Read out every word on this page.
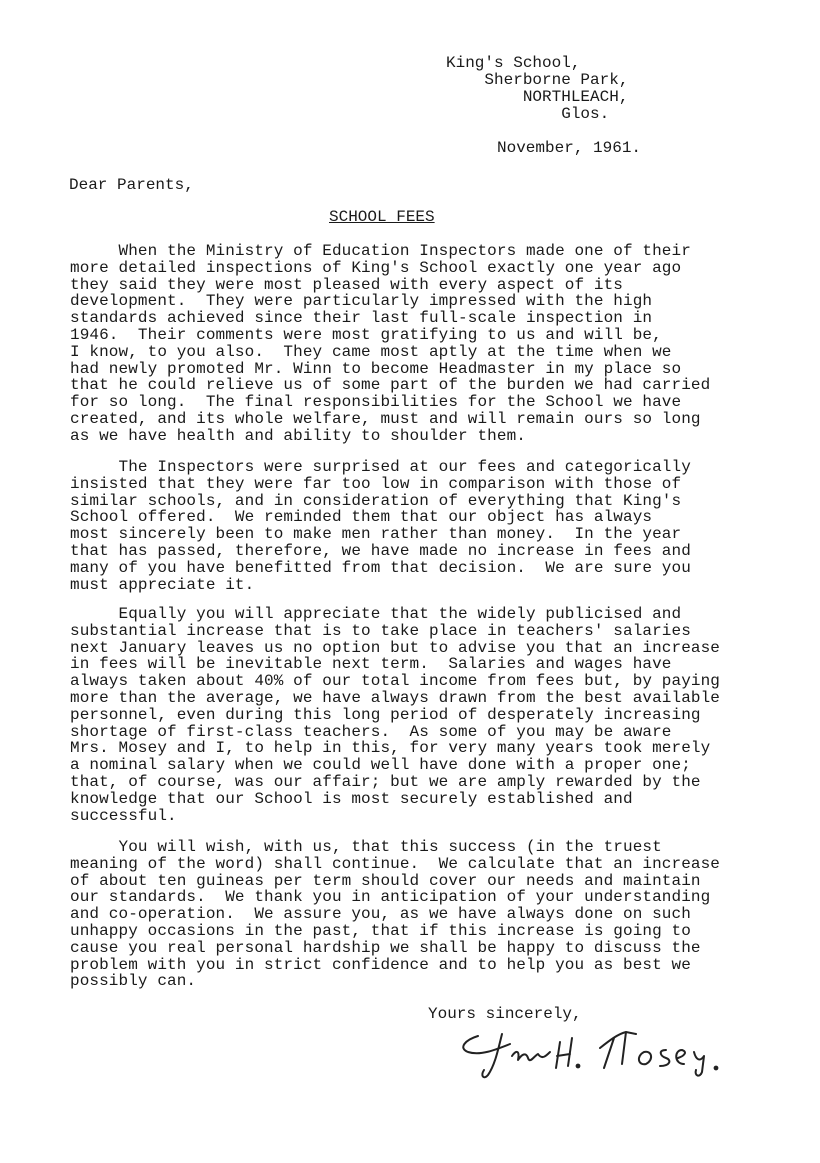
King's School,
Sherborne Park,
NORTHLEACH,
Glos.
November, 1961.
Dear Parents,
SCHOOL FEES
When the Ministry of Education Inspectors made one of their
more detailed inspections of King's School exactly one year ago
they said they were most pleased with every aspect of its
development.  They were particularly impressed with the high
standards achieved since their last full-scale inspection in
1946.  Their comments were most gratifying to us and will be,
I know, to you also.  They came most aptly at the time when we
had newly promoted Mr. Winn to become Headmaster in my place so
that he could relieve us of some part of the burden we had carried
for so long.  The final responsibilities for the School we have
created, and its whole welfare, must and will remain ours so long
as we have health and ability to shoulder them.
The Inspectors were surprised at our fees and categorically
insisted that they were far too low in comparison with those of
similar schools, and in consideration of everything that King's
School offered.  We reminded them that our object has always
most sincerely been to make men rather than money.  In the year
that has passed, therefore, we have made no increase in fees and
many of you have benefitted from that decision.  We are sure you
must appreciate it.
Equally you will appreciate that the widely publicised and
substantial increase that is to take place in teachers' salaries
next January leaves us no option but to advise you that an increase
in fees will be inevitable next term.  Salaries and wages have
always taken about 40% of our total income from fees but, by paying
more than the average, we have always drawn from the best available
personnel, even during this long period of desperately increasing
shortage of first-class teachers.  As some of you may be aware
Mrs. Mosey and I, to help in this, for very many years took merely
a nominal salary when we could well have done with a proper one;
that, of course, was our affair; but we are amply rewarded by the
knowledge that our School is most securely established and
successful.
You will wish, with us, that this success (in the truest
meaning of the word) shall continue.  We calculate that an increase
of about ten guineas per term should cover our needs and maintain
our standards.  We thank you in anticipation of your understanding
and co-operation.  We assure you, as we have always done on such
unhappy occasions in the past, that if this increase is going to
cause you real personal hardship we shall be happy to discuss the
problem with you in strict confidence and to help you as best we
possibly can.
Yours sincerely,
